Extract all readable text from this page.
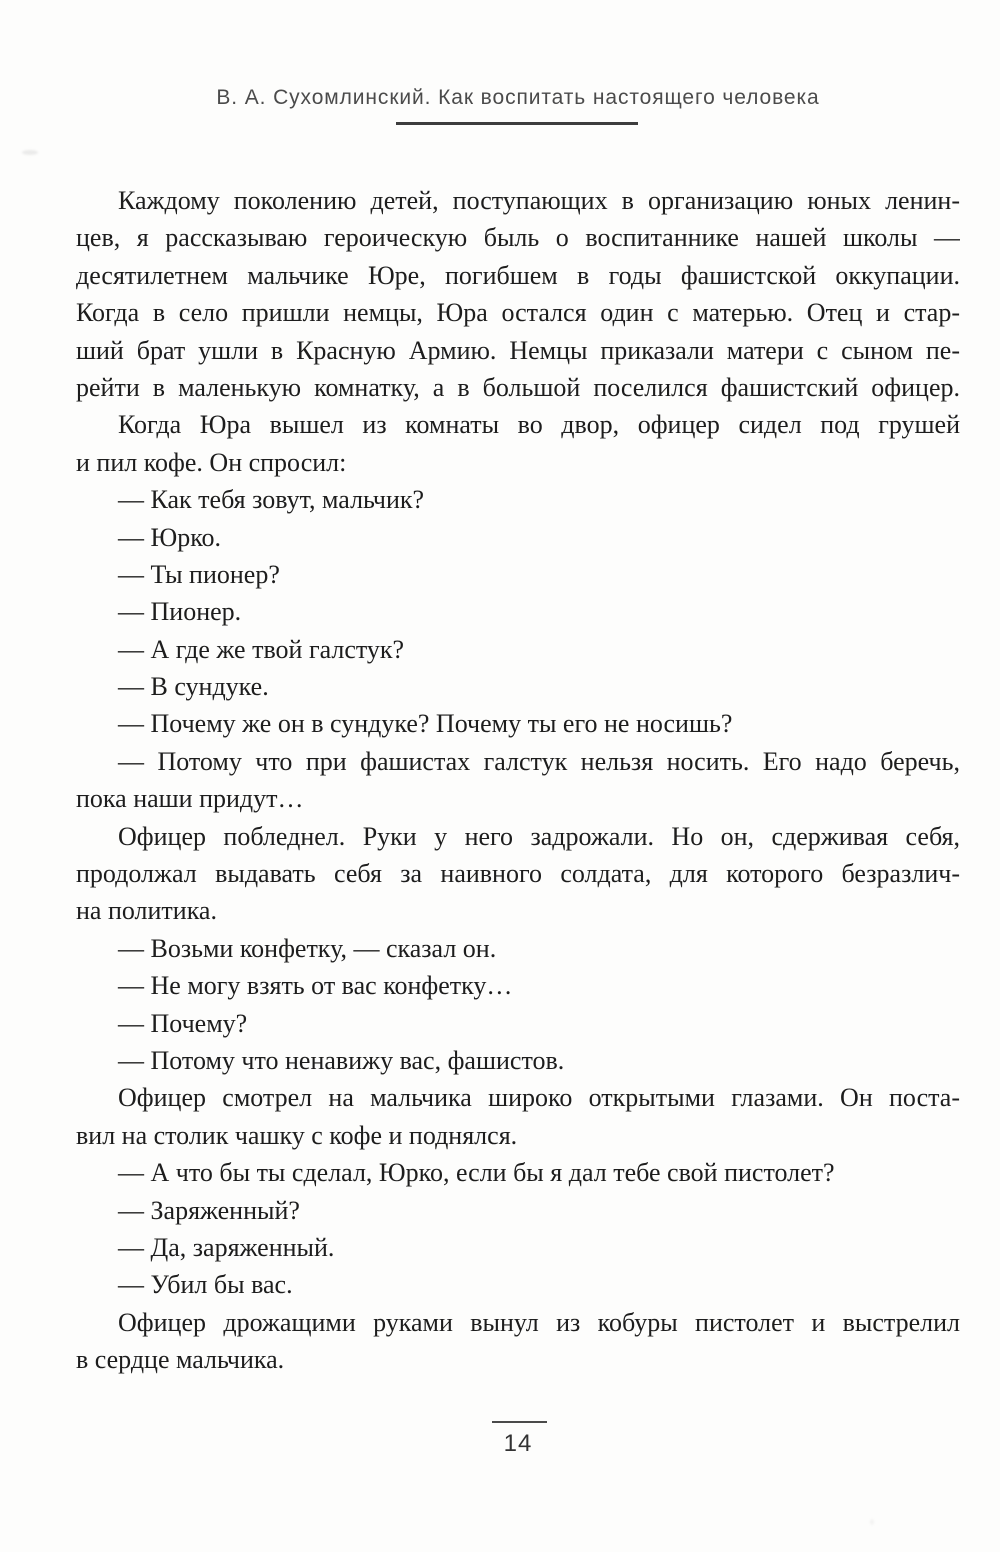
В. А. Сухомлинский. Как воспитать настоящего человека
Каждому поколению детей, поступающих в организацию юных ленин-
цев, я рассказываю героическую быль о воспитаннике нашей школы —
десятилетнем мальчике Юре, погибшем в годы фашистской оккупации.
Когда в село пришли немцы, Юра остался один с матерью. Отец и стар-
ший брат ушли в Красную Армию. Немцы приказали матери с сыном пе-
рейти в маленькую комнатку, а в большой поселился фашистский офицер.
Когда Юра вышел из комнаты во двор, офицер сидел под грушей
и пил кофе. Он спросил:
— Как тебя зовут, мальчик?
— Юрко.
— Ты пионер?
— Пионер.
— А где же твой галстук?
— В сундуке.
— Почему же он в сундуке? Почему ты его не носишь?
— Потому что при фашистах галстук нельзя носить. Его надо беречь,
пока наши придут…
Офицер побледнел. Руки у него задрожали. Но он, сдерживая себя,
продолжал выдавать себя за наивного солдата, для которого безразлич-
на политика.
— Возьми конфетку, — сказал он.
— Не могу взять от вас конфетку…
— Почему?
— Потому что ненавижу вас, фашистов.
Офицер смотрел на мальчика широко открытыми глазами. Он поста-
вил на столик чашку с кофе и поднялся.
— А что бы ты сделал, Юрко, если бы я дал тебе свой пистолет?
— Заряженный?
— Да, заряженный.
— Убил бы вас.
Офицер дрожащими руками вынул из кобуры пистолет и выстрелил
в сердце мальчика.
14
